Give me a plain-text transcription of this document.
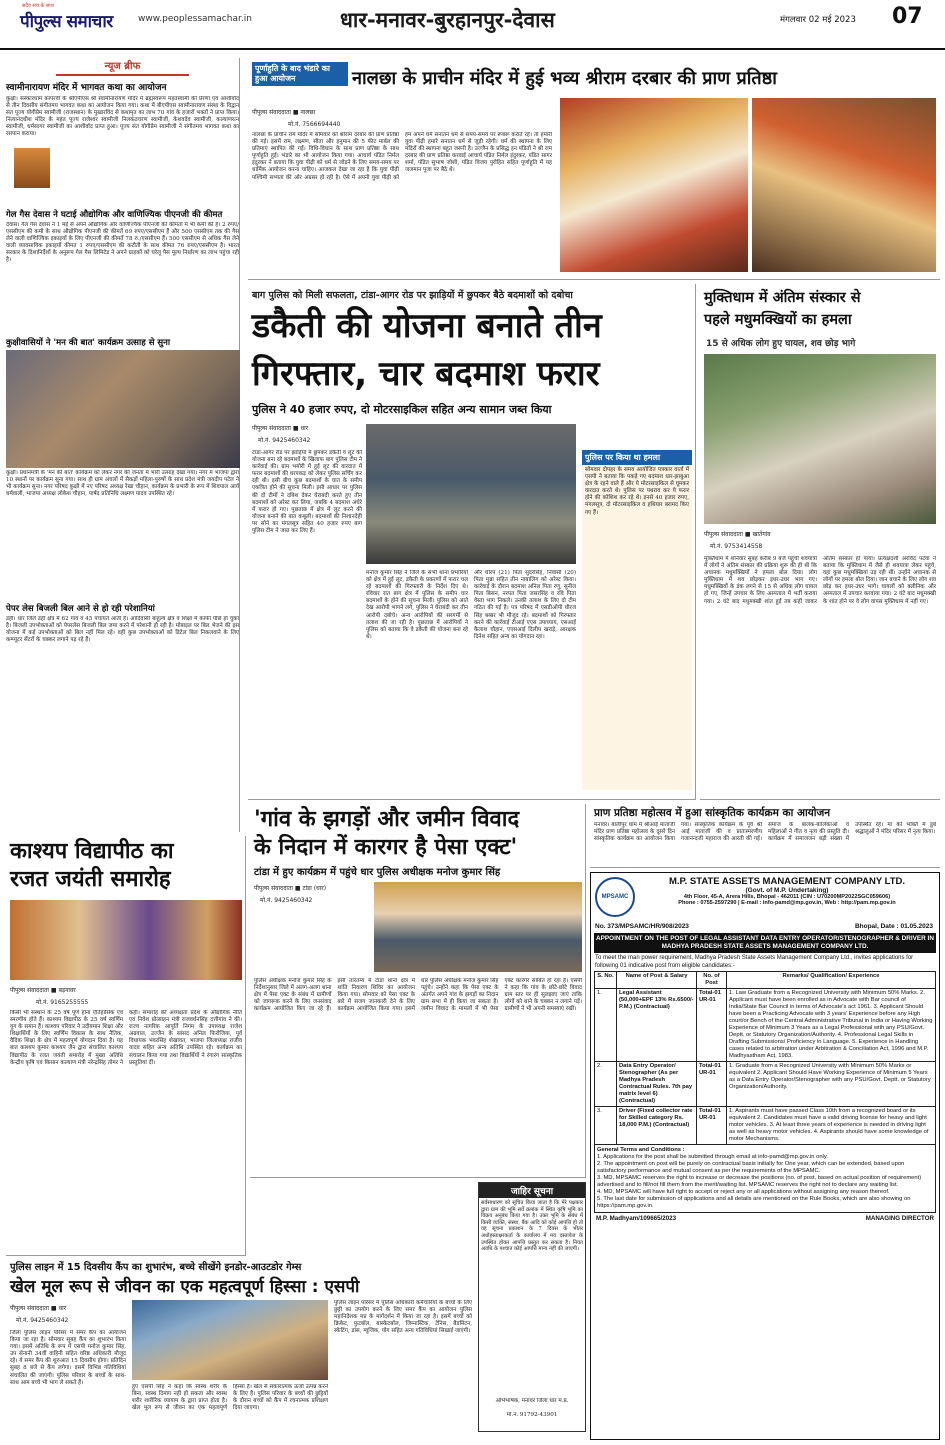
सदैव सच के साथ
पीपुल्स समाचार	www.peoplessamachar.in	धार-मनावर-बुरहानपुर-देवास	मंगलवार 02 मई 2023 07
न्यूज ब्रीफ
स्वामीनारायण मंदिर में भागवत कथा का आयोजन
कुक्षी। संस्कारधाम कापरवी के श्रीएपीएस श्री स्वामीनारायण मंदिर में ब्रह्मस्वरूप महंतस्वामी की प्रेरणा एवं आशीर्वाद से तीन दिवसीय संगीतमय भागवत कथा का आयोजन किया गया। कथा में बीएपीएस स्वामीनारायण संस्था के विद्वान संत पूज्य योगीप्रेम स्वामीजी (राजस्थान) के मुखारविंद से कथामृत का लाभ 70 गांव के हजारों भक्तों ने प्राप्त किया। नित्यानंदधीश मंदिर के महंत पूज्य राजेश्वर स्वामीजी निलकंठचरण स्वामीजी, केशवदेव स्वामीजी, कल्याणरत्न स्वामीजी, धर्मसागर स्वामीजी का आशीर्वाद प्राप्त हुआ। पूज्य संत योगीप्रेम स्वामीजी ने संगीतमय भागवत कथा का रसपान कराया।
गेल गैस देवास ने घटाई औद्योगिक और वाणिज्यिक पीएनजी की कीमत
देवास। गेल गैस देवास ने 1 मई से अपने औद्योगिक और वाणिज्यिक पीएनजी की कीमतों में भी कमी की है। 2 रुपए/एससीएम की कमी के साथ औद्योगिक पीएनजी की कीमतें 69 रुपए/एससीएम हैं और 500 एससीएम तक की गैस लेने वाली वाणिज्यिक इकाइयों के लिए पीएनजी की कीमतें 78 रु./एससीएम हैं। 500 एससीएम से अधिक गैस लेने वाली व्यावसायिक इकाइयों कीमत 1 रुपए/एससीएम की कटौती के साथ कीमत 76 रुपए/एससीएम है। भारत सरकार के दिशानिर्देशों के अनुरूप गेल गैस लिमिटेड ने अपने ग्राहकों को घरेलू पैस मूल्य निर्धारण का लाभ पहुंचा रही है।
कुक्षीवासियों ने 'मन की बात' कार्यक्रम उत्साह से सुना
कुक्षी। प्रधानमंत्री के 'मन की बात' कार्यक्रम को लेकर नगर की जनता में भारी उत्साह देखा गया। नगर में भाजपा द्वारा 10 स्थानों पर कार्यक्रम सुना गया। साथ ही ग्राम अंचलों में सैकड़ों महिला-पुरुषों के साथ प्रदेश मंत्री जयदीप पटेल ने भी कार्यक्रम सुना। नगर परिषद कुक्षी में नए परिषद अध्यक्ष रेखा चौहान, कार्यक्रम के प्रभारी के रूप में शिवपाल आर्य धर्मवाली, भाजपा अध्यक्ष लोकेश चौहान, पार्षद प्रतिनिधि लक्ष्मण यादव उपस्थित रहे।
पेपर लेस बिजली बिल आने से हो रही परेशानियां
डही। धार जिले डही क्षेत्र में 62 गांव व 45 पंचायतें आती हैं। आदिवासी बाहुल्य क्षेत्र व शिक्षा में काफी पीछे हो चुका है। बिजली उपभोक्ताओं को पेपरलेस बिजली बिल जमा करने में परेशानी हो रही है। मोबाइल पर बिल भेजने की इस योजना में कई उपभोक्ताओं को बिल नहीं मिल रहे। वहीं कुछ उपभोक्ताओं को डिटेल बिल निकलवाने के लिए कम्प्यूटर सेंटरों के चक्कर लगाने पड़ रहे हैं।
पूर्णाहुति के बाद भंडारे का हुआ आयोजन	नालछा के प्राचीन मंदिर में हुई भव्य श्रीराम दरबार की प्राण प्रतिष्ठा
पीपुल्स संवाददाता ■ नालछा
मो.नं. 7566694440
नालछा के प्राचीन राम मंदिर में सोमवार को श्रीराम दरबार की प्राण प्रतिष्ठा की गई। इसमें राम, लक्ष्मण, सीता और हनुमान की 5 फीट मार्बल की प्रतिमाएं स्थापित की गईं। विधि-विधान के साथ प्राण प्रतिष्ठा के साथ पूर्णाहुति हुई। भंडारे का भी आयोजन किया गया। आचार्य पंडित निर्मल इंदुरकर ने बताया कि युवा पीढ़ी को धर्म से जोड़ने के लिए समय-समय पर धार्मिक आयोजन करना चाहिए। आजकल देखा जा रहा है कि युवा पीढ़ी पश्चिमी सभ्यता की ओर अग्रसर हो रही है। ऐसे में अपनी युवा पीढ़ी को हम अपने धर्म सनातन धर्म से समय-समय पर रूबरू कराते रहें। तो हमारी युवा पीढ़ी हमारे सनातन धर्म से जुड़ी रहेगी। धर्म की स्थापना के लिए मंदिरों की स्थापना बहुत जरूरी है। उज्जैन के प्रसिद्ध इन पंडितों ने श्री राम दरबार की प्राण प्रतिष्ठा करवाई आचार्य पंडित निर्मल इंदुरकर, पंडित सागर शर्मा, पंडित सुभाष जोशी, पंडित विजय पुरोहित सहित पूर्णाहुति में यह जजमान पूजा पर बैठे थे।
बाग पुलिस को मिली सफलता, टांडा-आगर रोड पर झाड़ियों में छुपकर बैठे बदमाशों को दबोचा
डकैती की योजना बनाते तीन
गिरफ्तार, चार बदमाश फरार
पुलिस ने 40 हजार रुपए, दो मोटरसाइकिल सहित अन्य सामान जब्त किया
पीपुल्स संवाददाता ■ धार
मो.नं. 9425460342
टांडा-आगर रोड पर झाड़ियों में छुपकर डकैती व लूट की योजना बना रहे बदमाशों के खिलाफ बाग पुलिस टीम ने कार्रवाई की। ग्राम भमोरी में हुई लूट की वारदात में फरार बदमाशों की धरपकड़ को लेकर पुलिस सर्चिंग कर रही थी। इसी बीच कुछ बदमाशों के घात के समीप एकत्रित होने की सूचना मिली। इसी आधार पर पुलिस की दो टीमों ने दबिश देकर घेराबंदी करते हुए तीन बदमाशों को अरेस्ट कर लिया, जबकि 4 बदमाश अंधेरे में फरार हो गए। पूछताछ में क्षेत्र में लूट करने की योजना बनाने की बात कबूली। बदमाशों की निशानदेही पर सोने का मंगलसूत्र सहित 40 हजार रुपए बाग पुलिस टीम ने जब्त कर लिए हैं।
मनोज कुमार सिंह ने जिले के सभी थाना प्रभारियों को क्षेत्र में हुई लूट, डकैती के प्रकरणों में फरार चल रहे बदमाशों की गिरफ्तारी के निर्देश दिए थे। रविवार रात बाग क्षेत्र में पुलिस के समीप चार बदमाशों के होने की सूचना मिली। पुलिस को आते देख आरोपी भागने लगे, पुलिस ने घेराबंदी कर तीन आरोपी दबोचे। अन्य आरोपियों की सरगर्मी से तलाश की जा रही है। पूछताछ में आरोपियों ने पुलिस को बताया कि वे डकैती की योजना बना रहे थे।
और धीरप (21) पिता सुंदरसिंह, निवासी (20) पिता मुन्ना सहित तीन नाबालिग को अरेस्ट किया। कार्रवाई के दौरान बदमाश अनिल पिता रणु, सुनील पिता बिसन, नरपत पिता जसरसिंह व रवि पिता वेस्ता भाग निकले। उनकी तलाश के लिए दो टीम गठित की गई है। पत्र परिषद में एसडीओपी धीरज सिंह बब्बर भी मौजूद रहे। बदमाशों को गिरफ्तार करने की कार्रवाई टीआई एएस उपाध्याय, एसआई कैलाश चौहान, एएसआई दिलीप खराड़े, आरक्षक दिनेश सहित अन्य का योगदान रहा।
पुलिस पर किया था हमला
सोमवार दोपहर के समय आयोजित पत्रकार वार्ता में एसपी ने बताया कि पकड़े गए बदमाश धार-झाबुआ क्षेत्र के रहने वाले हैं और ये मोटरसाइकिल से घूमकर वारदात करते थे। पुलिस पर पथराव कर ये फरार होने की कोशिश कर रहे थे। इनसे 40 हजार रुपए, मंगलसूत्र, दो मोटरसाइकिल व हथियार बरामद किए गए हैं।
मुक्तिधाम में अंतिम संस्कार से
पहले मधुमक्खियों का हमला
15 से अधिक लोग हुए घायल, शव छोड़ भागे
पीपुल्स संवाददाता ■ खातेगांव
मो.नं. 9753414558
मुक्तिधाम में शनिवार सुबह करीब 9 बजे पहुंची शवयात्रा में लोगों ने अंतिम संस्कार की प्रक्रिया शुरू की ही थी कि अचानक मधुमक्खियों ने हमला बोल दिया। लोग मुक्तिधाम में शव छोड़कर इधर-उधर भाग गए। मधुमक्खियों के डंक लगने से 15 से अधिक लोग घायल हो गए, जिन्हें उपचार के लिए अस्पताल में भर्ती कराया गया। 2 घंटे बाद मधुमक्खी शांत हुईं तब कहीं जाकर अंतिम संस्कार हो पाया। प्रत्यक्षदर्शी अरविंद पटवा ने बताया कि मुक्तिधाम में जैसे ही शवयात्रा लेकर पहुंचे, वहां कुछ मधुमक्खियां उड़ रही थीं। उन्होंने अचानक से लोगों पर हमला बोल दिया। जान बचाने के लिए लोग शव छोड़ कर इधर-उधर भागे। घायलों को क्लीनिक और अस्पताल में उपचार करवाया गया। 2 घंटे बाद मधुमक्खी के शांत होने पर वे लोग वापस मुक्तिधाम में नहीं गए।
काश्यप विद्यापीठ का
रजत जयंती समारोह
पीपुल्स संवाददाता ■ बड़नावर
मो.नं. 9165255555
किसी भी संस्थान के 25 वर्ष पूर्ण होना ऐतिहासिक एवं स्मरणीय होते हैं। काश्यप विद्यापीठ के 25 वर्ष स्वर्णिम युग के समान हैं। काश्यप परिवार ने उदीयमान शिक्षा और शिक्षार्थियों के लिए स्वर्णिम विकास के साथ नैतिक, वैदिक शिक्षा के क्षेत्र में महत्वपूर्ण योगदान दिया है। यह बात काश्यप कुमार काश्यप जैन द्वारा संचालित काश्यप विद्यापीठ के रजत जयंती समारोह में मुख्य अतिथि केन्द्रीय कृषि एवं किसान कल्याण मंत्री नरेन्द्रसिंह तोमर ने कही। समारोह की अध्यक्षता प्रदेश के औद्योगिक नीति एवं निवेश प्रोत्साहन मंत्री राजवर्धनसिंह दत्तीगांव ने की। राज्य नागरिक आपूर्ति निगम के उपाध्यक्ष राजेश अग्रवाल, उज्जैन के सांसद अनिल फिरोजिया, पूर्व विधायक भंवरसिंह शेखावत, भाजपा जिलाध्यक्ष राजीव यादव सहित अन्य अतिथि उपस्थित रहे। कार्यक्रम का संचालन किया गया तथा विद्यार्थियों ने रंगारंग सांस्कृतिक प्रस्तुतियां दीं।
'गांव के झगड़ों और जमीन विवाद
के निदान में कारगर है पेसा एक्ट'
टांडा में हुए कार्यक्रम में पहुंचे धार पुलिस अधीक्षक मनोज कुमार सिंह
पीपुल्स संवाददाता ■ टांडा (धार)
मो.नं. 9425460342
पुलिस अधीक्षक मनोज कुमार सिंह के निर्देशानुसार जिले में अलग-अलग थाना क्षेत्र में पेसा एक्ट के संबंध में ग्रामीणों को जागरूक करने के लिए जनसंवाद कार्यक्रम आयोजित किए जा रहे हैं। इसी तारतम्य में टांडा थाना क्षेत्र में शांति निवारण शिविर का आयोजन किया गया। सोमवार को पेसा एक्ट के बारे में सजग जानकारी देने के लिए कार्यक्रम आयोजित किया गया। इसमें धार पुलिस अधीक्षक मनोज कुमार सिंह पहुंचे। उन्होंने कहा कि पेसा एक्ट के अंतर्गत अपने गांव के झगड़ों का निदान ग्राम सभा में ही किया जा सकता है। जमीन विवाद के मामलों में भी पेसा एक्ट कारगर साबित हो रहा है। एसपी ने कहा कि गांव के छोटे-छोटे विवाद ग्राम स्तर पर ही सुलझाए जाएं ताकि लोगों को थाने के चक्कर न लगाने पड़ें। ग्रामीणों ने भी अपनी समस्याएं रखीं।
प्राण प्रतिष्ठा महोत्सव में हुआ सांस्कृतिक कार्यक्रम का आयोजन
मनावर। बालीपुर धाम में श्रीआई माताजी मंदिर प्राण प्रतिष्ठा महोत्सव के दूसरे दिन सांस्कृतिक कार्यक्रम का आयोजन किया गया। सांस्कृतिक कार्यक्रम के पूर्व श्री आई माताजी की व प्रातःस्मरणीय गजानन्दजी महाराज की आरती की गई। समाज के बालक-बालिकाओं व महिलाओं ने गीत व नृत्य की प्रस्तुति दी। कार्यक्रम में समाजजन बड़ी संख्या में उपस्थित रहे। मां की भक्ति में डूबे श्रद्धालुओं ने मंदिर परिसर में नृत्य किया।
जाहिर सूचना
सर्वसाधारण को सूचित किया जाता है कि मेरे पक्षकार द्वारा ग्राम की भूमि सर्वे क्रमांक में स्थित कृषि भूमि का विक्रय अनुबंध किया गया है। उक्त भूमि के संबंध में किसी व्यक्ति, संस्था, बैंक आदि को कोई आपत्ति हो तो वह सूचना प्रकाशन के 7 दिवस के भीतर अधोहस्ताक्षरकर्ता के कार्यालय में मय दस्तावेज के उपस्थित होकर आपत्ति प्रस्तुत कर सकता है। नियत अवधि के पश्चात कोई आपत्ति मान्य नहीं की जाएगी।
अभिभाषक, मनावर जिला धार म.प्र.
मो.नं. 91792-43901
पुलिस लाइन में 15 दिवसीय कैंप का शुभारंभ, बच्चे सीखेंगे इनडोर-आउटडोर गेम्स
खेल मूल रूप से जीवन का एक महत्वपूर्ण हिस्सा : एसपी
पीपुल्स संवाददाता ■ धार
मो.नं. 9425460342
जिला पुलिस लाइन परिसर में समर कैंप का आयोजन किया जा रहा है। सोमवार सुबह कैंप का शुभारंभ किया गया। इसमें अतिथि के रूप में एसपी मनोज कुमार सिंह, उप सेनानी 34वीं वाहिनी सहित वरिष्ठ अधिकारी मौजूद रहे। ये समर कैंप की शुरुआत 15 दिवसीय होगा। प्रतिदिन सुबह 8 बजे से कैंप लगेगा। इसमें विभिन्न गतिविधियां संचालित की जाएंगी। पुलिस परिवार के बच्चों के साथ-साथ आम बच्चे भी भाग ले सकते हैं।
हुए एसपी सिंह ने कहा कि स्वस्थ शरीर के बिना, स्वस्थ दिमाग नहीं हो सकता और स्वस्थ शरीर शारीरिक व्यायाम के द्वारा प्राप्त होता है। खेल मूल रूप से जीवन का एक महत्वपूर्ण हिस्सा है। खेल से सकारात्मक ऊर्जा उत्पन्न करने के लिए है। पुलिस परिवार के बच्चों की छुट्टियों के दौरान बच्चों को कैंप में रचनात्मक प्रशिक्षण दिया जाएगा।
पुलिस लाइन परिसर में पुलिस अधिकारी कर्मचारियों के बच्चों के लिए छुट्टी का उपयोग करने के लिए समर कैंप का आयोजन पुलिस महानिदेशक मप्र के मार्गदर्शन में किया जा रहा है। इसमें बच्चों को क्रिकेट, फुटबॉल, बास्केटबॉल, जिम्नास्टिक, टेनिस, बैडमिंटन, स्केटिंग, डांस, म्यूजिक, योग सहित अन्य गतिविधियां सिखाई जाएंगी।
MPSAMC
M.P. STATE ASSETS MANAGEMENT COMPANY LTD.
(Govt. of M.P. Undertaking)
4th Floor, 45-A, Arera Hills, Bhopal - 462011 (CIN : U70200MP2022SGC059606)
Phone : 0755-2597290 | E-mail : info-pamd@mp.gov.in, Web : http://pam.mp.gov.in
No. 373/MPSAMC/HR/908/2023	Bhopal, Date : 01.05.2023
APPOINTMENT ON THE POST OF LEGAL ASSISTANT DATA ENTRY OPERATOR/STENOGRAPHER & DRIVER IN MADHYA PRADESH STATE ASSETS MANAGEMENT COMPANY LTD.
To meet the man power requirement, Madhya Pradesh State Assets Management Company Ltd., invites applications for following 01 indicative post from eligible candidates:-
S. No.	Name of Post & Salary	No. of Post	Remarks/ Qualification/ Experience
1.	Legal Assistant (50,000+EPF 13% Rs.6500/- P.M.) (Contractual)	Total-01 UR-01	1. Law Graduate from a Recognized University with Minimum 50% Marks. 2. Applicant must have been enrolled as in Advocate with Bar council of India/State Bar Council in terms of Advocate's act 1961. 3. Applicant Should have been a Practicing Advocate with 3 years' Experience before any High court/or Bench of the Central Administrative Tribunal in India or Having Working Experience of Minimum 3 Years as a Legal Professional with any PSU/Govt. Deptt. or Statutory Organization/Authority. 4. Professional Legal Skills in Drafting Submissions/ Proficiency in Language. 5. Experience in Handling cases related to arbitration under Arbitration & Conciliation Act, 1996 and M.P. Madhyastham Act, 1983.
2.	Data Entry Operator/ Stenographer (As per Madhya Pradesh Contractual Rules. 7th pay matrix level 6) (Contractual)	Total-01 UR-01	1. Graduate from a Recognized University with Minimum 50% Marks or equivalent 2. Applicant Should Have Working Experience of Minimum 5 Years as a Data Entry Operator/Stenographer with any PSU/Govt. Deptt. or Statutory Organization/Authority.
3.	Driver (Fixed collector rate for Skilled category Rs. 18,000 P.M.) (Contractual)	Total-01 UR-01	1. Aspirants must have passed Class 10th from a recognized board or its equivalent 2. Candidates must have a valid driving license for heavy and light motor vehicles. 3. At least three years of experience is needed in driving light as well as heavy motor vehicles. 4. Aspirants should have some knowledge of motor Mechanisms.
General Terms and Conditions :
1. Applications for the post shall be submitted through email at info-pamd@mp.gov.in only.
2. The appointment on post will be purely on contractual basis initially for One year, which can be extended, based upon satisfactory performance and mutual consent as per the requirements of the MPSAMC.
3. MD, MPSAMC reserves the right to increase or decrease the positions (no. of post, based on actual position of requirement) advertised and to fill/not fill them from the merit/waiting list. MPSAMC reserves the right not to declare any waiting list.
4. MD, MPSAMC will have full right to accept or reject any or all applications without assigning any reason thereof.
5. The last date for submission of applications and all details are mentioned on the Rule Books, which are also showing on https://pam.mp.gov.in.
M.P. Madhyam/109665/2023	MANAGING DIRECTOR
